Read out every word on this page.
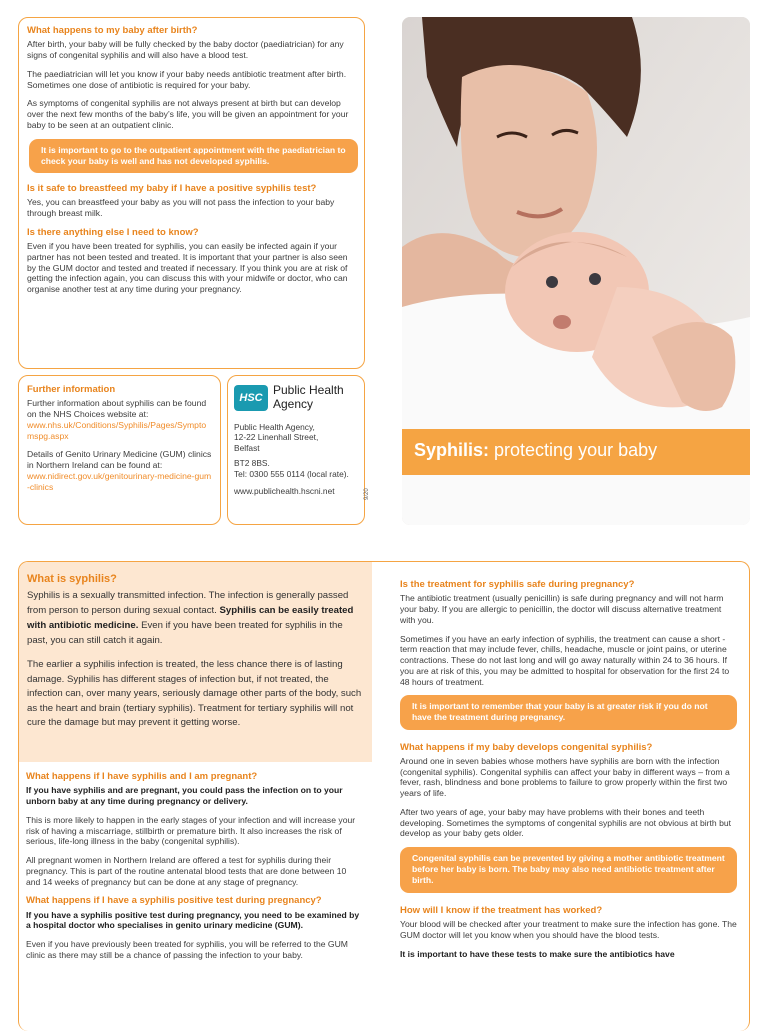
What happens to my baby after birth?
After birth, your baby will be fully checked by the baby doctor (paediatrician) for any signs of congenital syphilis and will also have a blood test.
The paediatrician will let you know if your baby needs antibiotic treatment after birth. Sometimes one dose of antibiotic is required for your baby.
As symptoms of congenital syphilis are not always present at birth but can develop over the next few months of the baby’s life, you will be given an appointment for your baby to be seen at an outpatient clinic.
It is important to go to the outpatient appointment with the paediatrician to check your baby is well and has not developed syphilis.
Is it safe to breastfeed my baby if I have a positive syphilis test?
Yes, you can breastfeed your baby as you will not pass the infection to your baby through breast milk.
Is there anything else I need to know?
Even if you have been treated for syphilis, you can easily be infected again if your partner has not been tested and treated. It is important that your partner is also seen by the GUM doctor and tested and treated if necessary. If you think you are at risk of getting the infection again, you can discuss this with your midwife or doctor, who can organise another test at any time during your pregnancy.
Further information
Further information about syphilis can be found on the NHS Choices website at:
www.nhs.uk/Conditions/Syphilis/Pages/Symptomspg.aspx
Details of Genito Urinary Medicine (GUM) clinics in Northern Ireland can be found at:
www.nidirect.gov.uk/genitourinary-medicine-gum-clinics
HSC
Public Health
Agency
Public Health Agency,
12-22 Linenhall Street,
Belfast
BT2 8BS.
Tel: 0300 555 0114 (local rate).
www.publichealth.hscni.net	9/20
Syphilis: protecting your baby
What is syphilis?
Syphilis is a sexually transmitted infection. The infection is generally passed from person to person during sexual contact. Syphilis can be easily treated with antibiotic medicine. Even if you have been treated for syphilis in the past, you can still catch it again.
The earlier a syphilis infection is treated, the less chance there is of lasting damage. Syphilis has different stages of infection but, if not treated, the infection can, over many years, seriously damage other parts of the body, such as the heart and brain (tertiary syphilis). Treatment for tertiary syphilis will not cure the damage but may prevent it getting worse.
What happens if I have syphilis and I am pregnant?
If you have syphilis and are pregnant, you could pass the infection on to your unborn baby at any time during pregnancy or delivery.
This is more likely to happen in the early stages of your infection and will increase your risk of having a miscarriage, stillbirth or premature birth. It also increases the risk of serious, life-long illness in the baby (congenital syphilis).
All pregnant women in Northern Ireland are offered a test for syphilis during their pregnancy. This is part of the routine antenatal blood tests that are done between 10 and 14 weeks of pregnancy but can be done at any stage of pregnancy.
What happens if I have a syphilis positive test during pregnancy?
If you have a syphilis positive test during pregnancy, you need to be examined by a hospital doctor who specialises in genito urinary medicine (GUM).
Even if you have previously been treated for syphilis, you will be referred to the GUM clinic as there may still be a chance of passing the infection to your baby.
Is the treatment for syphilis safe during pregnancy?
The antibiotic treatment (usually penicillin) is safe during pregnancy and will not harm your baby. If you are allergic to penicillin, the doctor will discuss alternative treatment with you.
Sometimes if you have an early infection of syphilis, the treatment can cause a short -term reaction that may include fever, chills, headache, muscle or joint pains, or uterine contractions. These do not last long and will go away naturally within 24 to 36 hours. If you are at risk of this, you may be admitted to hospital for observation for the first 24 to 48 hours of treatment.
It is important to remember that your baby is at greater risk if you do not have the treatment during pregnancy.
What happens if my baby develops congenital syphilis?
Around one in seven babies whose mothers have syphilis are born with the infection (congenital syphilis). Congenital syphilis can affect your baby in different ways – from a fever, rash, blindness and bone problems to failure to grow properly within the first two years of life.
After two years of age, your baby may have problems with their bones and teeth developing. Sometimes the symptoms of congenital syphilis are not obvious at birth but develop as your baby gets older.
Congenital syphilis can be prevented by giving a mother antibiotic treatment before her baby is born. The baby may also need antibiotic treatment after birth.
How will I know if the treatment has worked?
Your blood will be checked after your treatment to make sure the infection has gone. The GUM doctor will let you know when you should have the blood tests.
It is important to have these tests to make sure the antibiotics have
